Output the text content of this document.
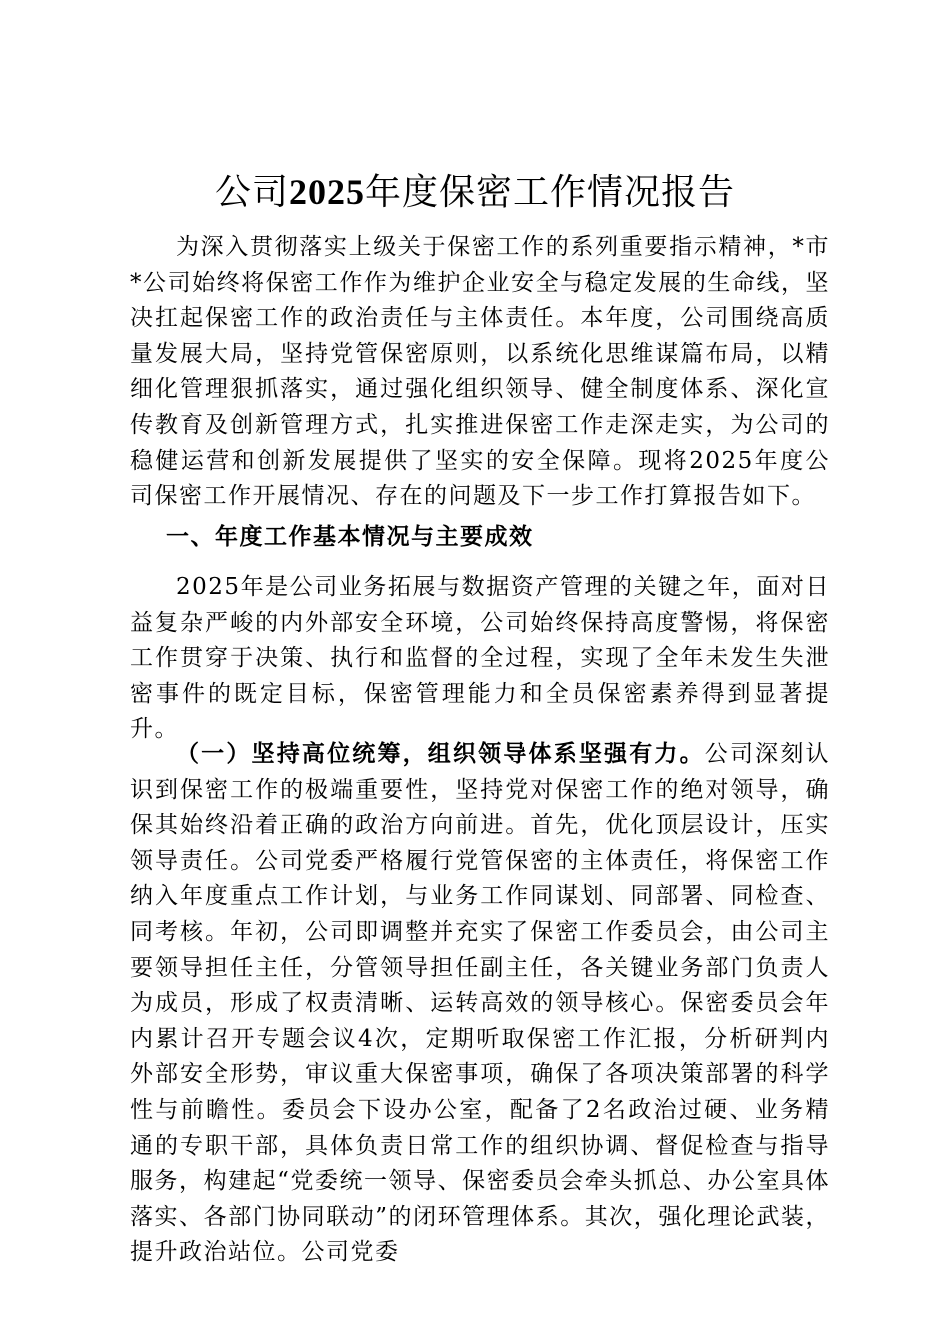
公司2025年度保密工作情况报告

为深入贯彻落实上级关于保密工作的系列重要指示精神，*市*公司始终将保密工作作为维护企业安全与稳定发展的生命线，坚决扛起保密工作的政治责任与主体责任。本年度，公司围绕高质量发展大局，坚持党管保密原则，以系统化思维谋篇布局，以精细化管理狠抓落实，通过强化组织领导、健全制度体系、深化宣传教育及创新管理方式，扎实推进保密工作走深走实，为公司的稳健运营和创新发展提供了坚实的安全保障。现将2025年度公司保密工作开展情况、存在的问题及下一步工作打算报告如下。

一、年度工作基本情况与主要成效

2025年是公司业务拓展与数据资产管理的关键之年，面对日益复杂严峻的内外部安全环境，公司始终保持高度警惕，将保密工作贯穿于决策、执行和监督的全过程，实现了全年未发生失泄密事件的既定目标，保密管理能力和全员保密素养得到显著提升。

（一）坚持高位统筹，组织领导体系坚强有力。公司深刻认识到保密工作的极端重要性，坚持党对保密工作的绝对领导，确保其始终沿着正确的政治方向前进。首先，优化顶层设计，压实领导责任。公司党委严格履行党管保密的主体责任，将保密工作纳入年度重点工作计划，与业务工作同谋划、同部署、同检查、同考核。年初，公司即调整并充实了保密工作委员会，由公司主要领导担任主任，分管领导担任副主任，各关键业务部门负责人为成员，形成了权责清晰、运转高效的领导核心。保密委员会年内累计召开专题会议4次，定期听取保密工作汇报，分析研判内外部安全形势，审议重大保密事项，确保了各项决策部署的科学性与前瞻性。委员会下设办公室，配备了2名政治过硬、业务精通的专职干部，具体负责日常工作的组织协调、督促检查与指导服务，构建起“党委统一领导、保密委员会牵头抓总、办公室具体落实、各部门协同联动”的闭环管理体系。其次，强化理论武装，提升政治站位。公司党委
